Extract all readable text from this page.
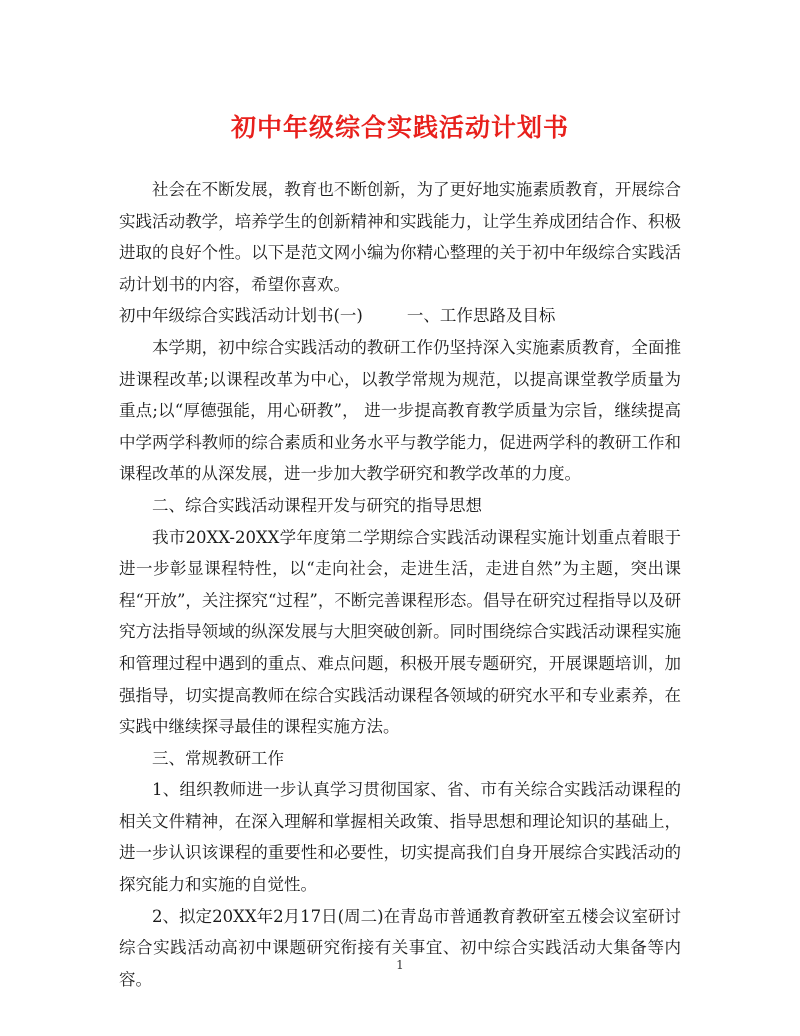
初中年级综合实践活动计划书

社会在不断发展，教育也不断创新，为了更好地实施素质教育，开展综合实践活动教学，培养学生的创新精神和实践能力，让学生养成团结合作、积极进取的良好个性。以下是范文网小编为你精心整理的关于初中年级综合实践活动计划书的内容，希望你喜欢。

初中年级综合实践活动计划书(一)	一、工作思路及目标

本学期，初中综合实践活动的教研工作仍坚持深入实施素质教育，全面推进课程改革;以课程改革为中心，以教学常规为规范，以提高课堂教学质量为重点;以“厚德强能，用心研教”， 进一步提高教育教学质量为宗旨，继续提高中学两学科教师的综合素质和业务水平与教学能力，促进两学科的教研工作和课程改革的从深发展，进一步加大教学研究和教学改革的力度。

二、综合实践活动课程开发与研究的指导思想

我市20XX-20XX学年度第二学期综合实践活动课程实施计划重点着眼于进一步彰显课程特性，以“走向社会，走进生活，走进自然”为主题，突出课程“开放”，关注探究“过程”，不断完善课程形态。倡导在研究过程指导以及研究方法指导领域的纵深发展与大胆突破创新。同时围绕综合实践活动课程实施和管理过程中遇到的重点、难点问题，积极开展专题研究，开展课题培训，加强指导，切实提高教师在综合实践活动课程各领域的研究水平和专业素养，在实践中继续探寻最佳的课程实施方法。

三、常规教研工作

1、组织教师进一步认真学习贯彻国家、省、市有关综合实践活动课程的相关文件精神，在深入理解和掌握相关政策、指导思想和理论知识的基础上，进一步认识该课程的重要性和必要性，切实提高我们自身开展综合实践活动的探究能力和实施的自觉性。

2、拟定20XX年2月17日(周二)在青岛市普通教育教研室五楼会议室研讨综合实践活动高初中课题研究衔接有关事宜、初中综合实践活动大集备等内容。

1
